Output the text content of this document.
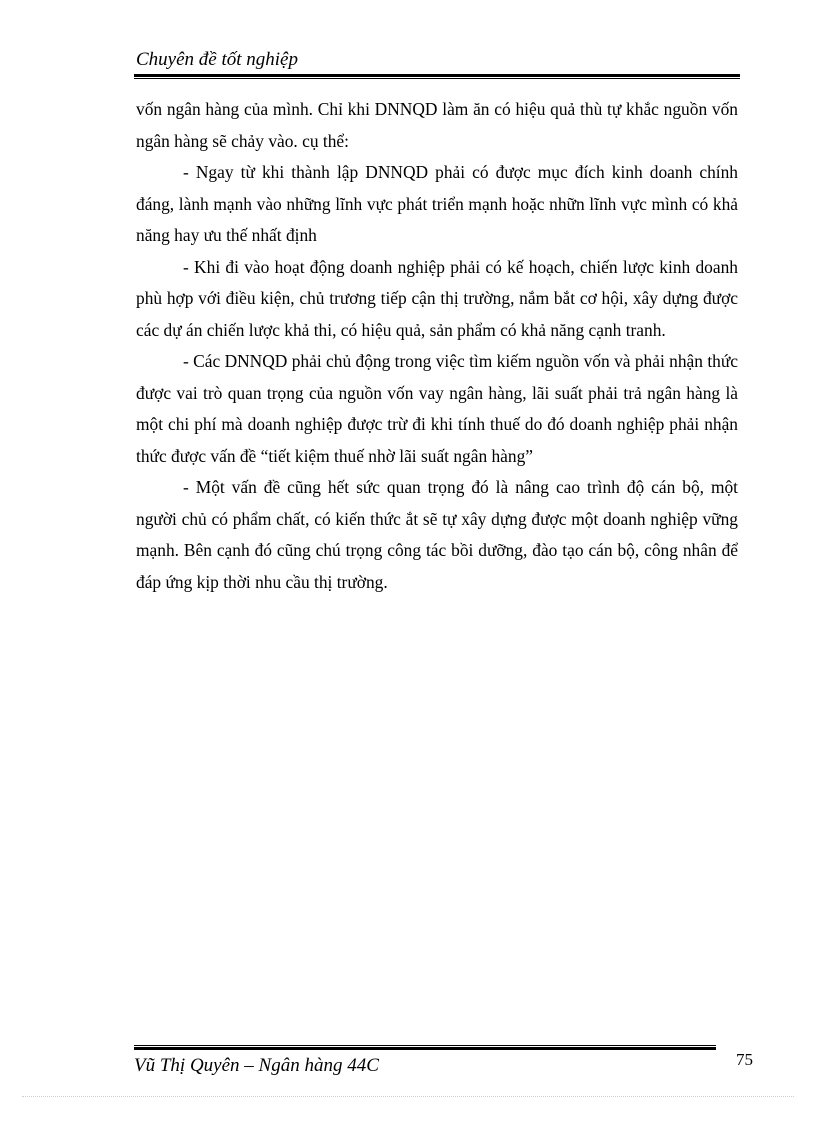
Chuyên đề tốt nghiệp

vốn ngân hàng của mình. Chỉ khi DNNQD làm ăn có hiệu quả thù tự khắc nguồn vốn ngân hàng sẽ chảy vào. cụ thể:

- Ngay từ khi thành lập DNNQD phải có được mục đích kinh doanh chính đáng, lành mạnh vào những lĩnh vực phát triển mạnh hoặc nhữn lĩnh vực mình có khả năng hay ưu thế nhất định

- Khi đi vào hoạt động doanh nghiệp phải có kế hoạch, chiến lược kinh doanh phù hợp với điều kiện, chủ trương tiếp cận thị trường, nắm bắt cơ hội, xây dựng được các dự án chiến lược khả thi, có hiệu quả, sản phẩm có khả năng cạnh tranh.

- Các DNNQD phải chủ động trong việc tìm kiếm nguồn vốn và phải nhận thức được vai trò quan trọng của nguồn vốn vay ngân hàng, lãi suất phải trả ngân hàng là một chi phí mà doanh nghiệp được trừ đi khi tính thuế do đó doanh nghiệp phải nhận thức được vấn đề “tiết kiệm thuế nhờ lãi suất ngân hàng”

- Một vấn đề cũng hết sức quan trọng đó là nâng cao trình độ cán bộ, một người chủ có phẩm chất, có kiến thức ắt sẽ tự xây dựng được một doanh nghiệp vững mạnh. Bên cạnh đó cũng chú trọng công tác bồi dưỡng, đào tạo cán bộ, công nhân để đáp ứng kịp thời nhu cầu thị trường.

Vũ Thị Quyên – Ngân hàng 44C	75
